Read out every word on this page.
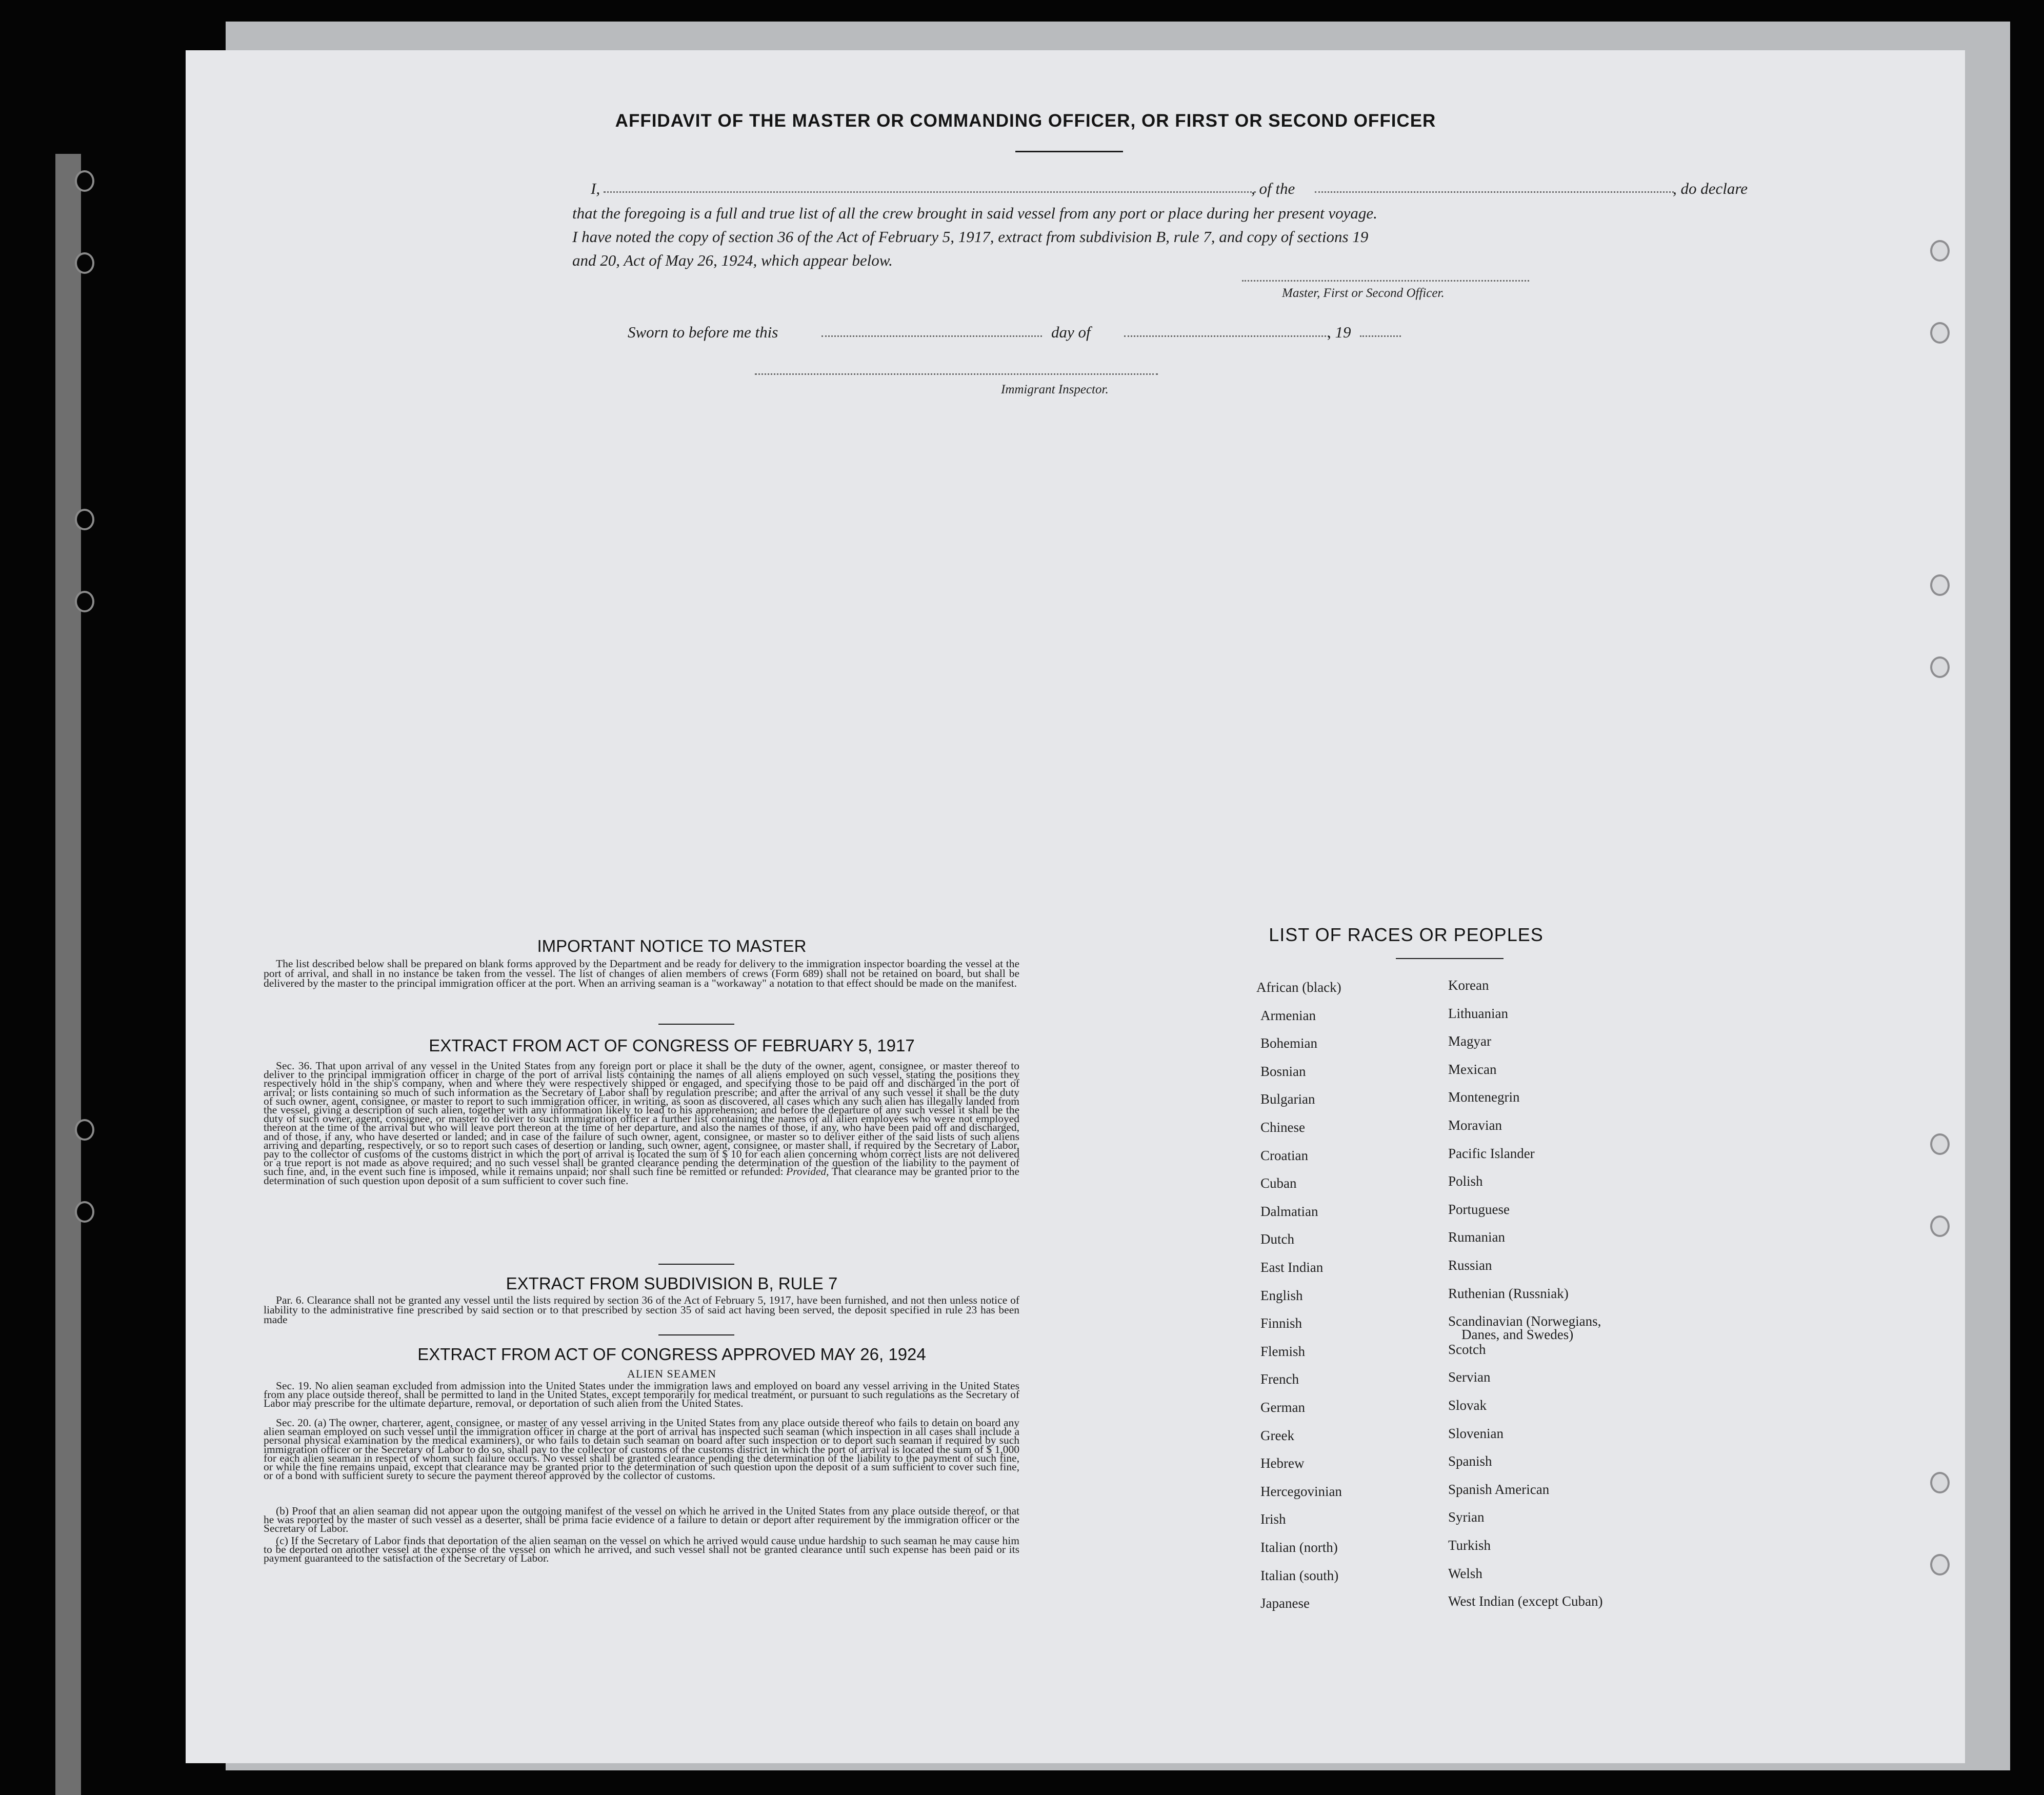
AFFIDAVIT OF THE MASTER OR COMMANDING OFFICER, OR FIRST OR SECOND OFFICER
I,	, of the	, do declare
that the foregoing is a full and true list of all the crew brought in said vessel from any port or place during her present voyage.
I have noted the copy of section 36 of the Act of February 5, 1917, extract from subdivision B, rule 7, and copy of sections 19
and 20, Act of May 26, 1924, which appear below.
Master, First or Second Officer.
Sworn to before me this	day of	, 19
Immigrant Inspector.
IMPORTANT NOTICE TO MASTER
The list described below shall be prepared on blank forms approved by the Department and be ready for delivery to the immigration inspector boarding the vessel at the port of arrival, and shall in no instance be taken from the vessel. The list of changes of alien members of crews (Form 689) shall not be retained on board, but shall be delivered by the master to the principal immigration officer at the port. When an arriving seaman is a "workaway" a notation to that effect should be made on the manifest.
EXTRACT FROM ACT OF CONGRESS OF FEBRUARY 5, 1917
Sec. 36. That upon arrival of any vessel in the United States from any foreign port or place it shall be the duty of the owner, agent, consignee, or master thereof to deliver to the principal immigration officer in charge of the port of arrival lists containing the names of all aliens employed on such vessel, stating the positions they respectively hold in the ship's company, when and where they were respectively shipped or engaged, and specifying those to be paid off and discharged in the port of arrival; or lists containing so much of such information as the Secretary of Labor shall by regulation prescribe; and after the arrival of any such vessel it shall be the duty of such owner, agent, consignee, or master to report to such immigration officer, in writing, as soon as discovered, all cases which any such alien has illegally landed from the vessel, giving a description of such alien, together with any information likely to lead to his apprehension; and before the departure of any such vessel it shall be the duty of such owner, agent, consignee, or master to deliver to such immigration officer a further list containing the names of all alien employees who were not employed thereon at the time of the arrival but who will leave port thereon at the time of her departure, and also the names of those, if any, who have been paid off and discharged, and of those, if any, who have deserted or landed; and in case of the failure of such owner, agent, consignee, or master so to deliver either of the said lists of such aliens arriving and departing, respectively, or so to report such cases of desertion or landing, such owner, agent, consignee, or master shall, if required by the Secretary of Labor, pay to the collector of customs of the customs district in which the port of arrival is located the sum of $ 10 for each alien concerning whom correct lists are not delivered or a true report is not made as above required; and no such vessel shall be granted clearance pending the determination of the question of the liability to the payment of such fine, and, in the event such fine is imposed, while it remains unpaid; nor shall such fine be remitted or refunded: Provided, That clearance may be granted prior to the determination of such question upon deposit of a sum sufficient to cover such fine.
EXTRACT FROM SUBDIVISION B, RULE 7
Par. 6. Clearance shall not be granted any vessel until the lists required by section 36 of the Act of February 5, 1917, have been furnished, and not then unless notice of liability to the administrative fine prescribed by said section or to that prescribed by section 35 of said act having been served, the deposit specified in rule 23 has been made
EXTRACT FROM ACT OF CONGRESS APPROVED MAY 26, 1924
ALIEN SEAMEN
Sec. 19. No alien seaman excluded from admission into the United States under the immigration laws and employed on board any vessel arriving in the United States from any place outside thereof, shall be permitted to land in the United States, except temporarily for medical treatment, or pursuant to such regulations as the Secretary of Labor may prescribe for the ultimate departure, removal, or deportation of such alien from the United States.
Sec. 20. (a) The owner, charterer, agent, consignee, or master of any vessel arriving in the United States from any place outside thereof who fails to detain on board any alien seaman employed on such vessel until the immigration officer in charge at the port of arrival has inspected such seaman (which inspection in all cases shall include a personal physical examination by the medical examiners), or who fails to detain such seaman on board after such inspection or to deport such seaman if required by such immigration officer or the Secretary of Labor to do so, shall pay to the collector of customs of the customs district in which the port of arrival is located the sum of $ 1,000 for each alien seaman in respect of whom such failure occurs. No vessel shall be granted clearance pending the determination of the liability to the payment of such fine, or while the fine remains unpaid, except that clearance may be granted prior to the determination of such question upon the deposit of a sum sufficient to cover such fine, or of a bond with sufficient surety to secure the payment thereof approved by the collector of customs.
(b) Proof that an alien seaman did not appear upon the outgoing manifest of the vessel on which he arrived in the United States from any place outside thereof, or that he was reported by the master of such vessel as a deserter, shall be prima facie evidence of a failure to detain or deport after requirement by the immigration officer or the Secretary of Labor.
(c) If the Secretary of Labor finds that deportation of the alien seaman on the vessel on which he arrived would cause undue hardship to such seaman he may cause him to be deported on another vessel at the expense of the vessel on which he arrived, and such vessel shall not be granted clearance until such expense has been paid or its payment guaranteed to the satisfaction of the Secretary of Labor.
LIST OF RACES OR PEOPLES
African (black)
Armenian
Bohemian
Bosnian
Bulgarian
Chinese
Croatian
Cuban
Dalmatian
Dutch
East Indian
English
Finnish
Flemish
French
German
Greek
Hebrew
Hercegovinian
Irish
Italian (north)
Italian (south)
Japanese
Korean
Lithuanian
Magyar
Mexican
Montenegrin
Moravian
Pacific Islander
Polish
Portuguese
Rumanian
Russian
Ruthenian (Russniak)
Scandinavian (Norwegians,
Danes, and Swedes)
Scotch
Servian
Slovak
Slovenian
Spanish
Spanish American
Syrian
Turkish
Welsh
West Indian (except Cuban)
